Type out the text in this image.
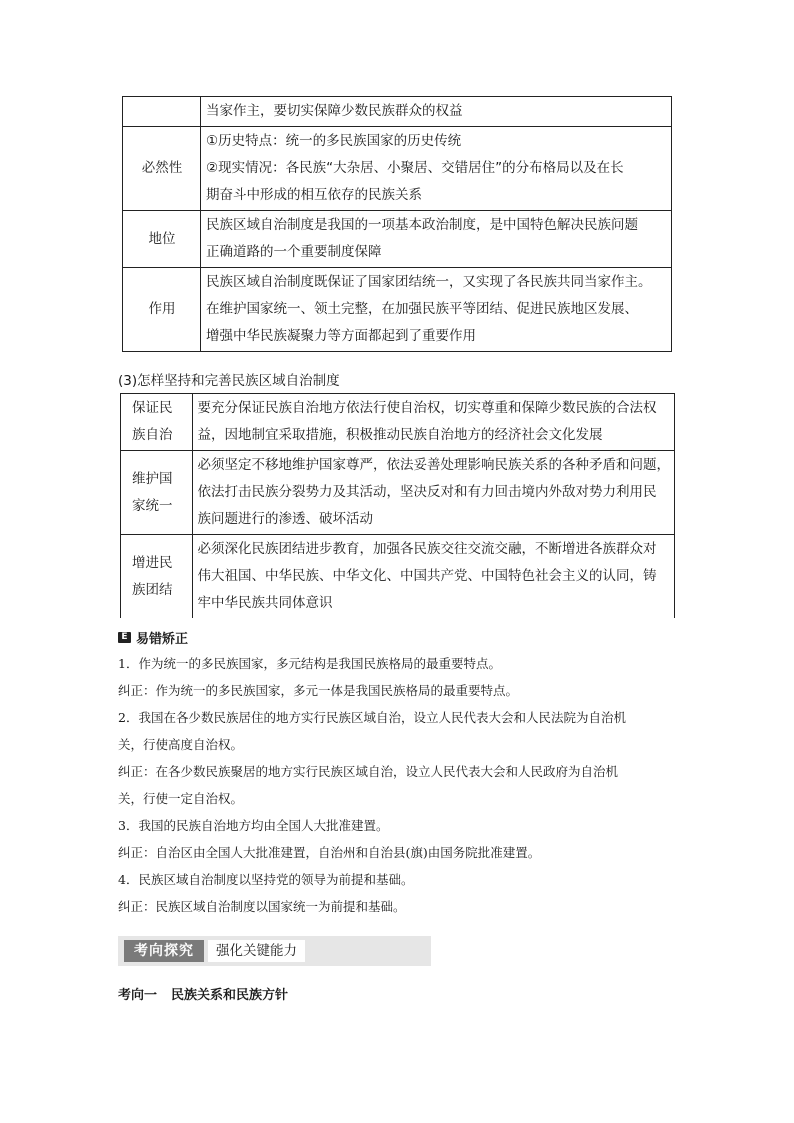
	当家作主，要切实保障少数民族群众的权益

必然性	①历史特点：统一的多民族国家的历史传统
②现实情况：各民族“大杂居、小聚居、交错居住”的分布格局以及在长
期奋斗中形成的相互依存的民族关系

地位	民族区域自治制度是我国的一项基本政治制度，是中国特色解决民族问题
正确道路的一个重要制度保障

作用	民族区域自治制度既保证了国家团结统一，又实现了各民族共同当家作主。
在维护国家统一、领土完整，在加强民族平等团结、促进民族地区发展、
增强中华民族凝聚力等方面都起到了重要作用
(3)怎样坚持和完善民族区域自治制度
保证民
族自治	要充分保证民族自治地方依法行使自治权，切实尊重和保障少数民族的合法权
益，因地制宜采取措施，积极推动民族自治地方的经济社会文化发展

维护国
家统一	必须坚定不移地维护国家尊严，依法妥善处理影响民族关系的各种矛盾和问题，
依法打击民族分裂势力及其活动，坚决反对和有力回击境内外敌对势力利用民
族问题进行的渗透、破坏活动

增进民
族团结	必须深化民族团结进步教育，加强各民族交往交流交融，不断增进各族群众对
伟大祖国、中华民族、中华文化、中国共产党、中国特色社会主义的认同，铸
牢中华民族共同体意识
E 易错矫正
1．作为统一的多民族国家，多元结构是我国民族格局的最重要特点。
纠正：作为统一的多民族国家，多元一体是我国民族格局的最重要特点。
2．我国在各少数民族居住的地方实行民族区域自治，设立人民代表大会和人民法院为自治机
关，行使高度自治权。
纠正：在各少数民族聚居的地方实行民族区域自治，设立人民代表大会和人民政府为自治机
关，行使一定自治权。
3．我国的民族自治地方均由全国人大批准建置。
纠正：自治区由全国人大批准建置，自治州和自治县(旗)由国务院批准建置。
4．民族区域自治制度以坚持党的领导为前提和基础。
纠正：民族区域自治制度以国家统一为前提和基础。
考向探究	强化关键能力
考向一 民族关系和民族方针
